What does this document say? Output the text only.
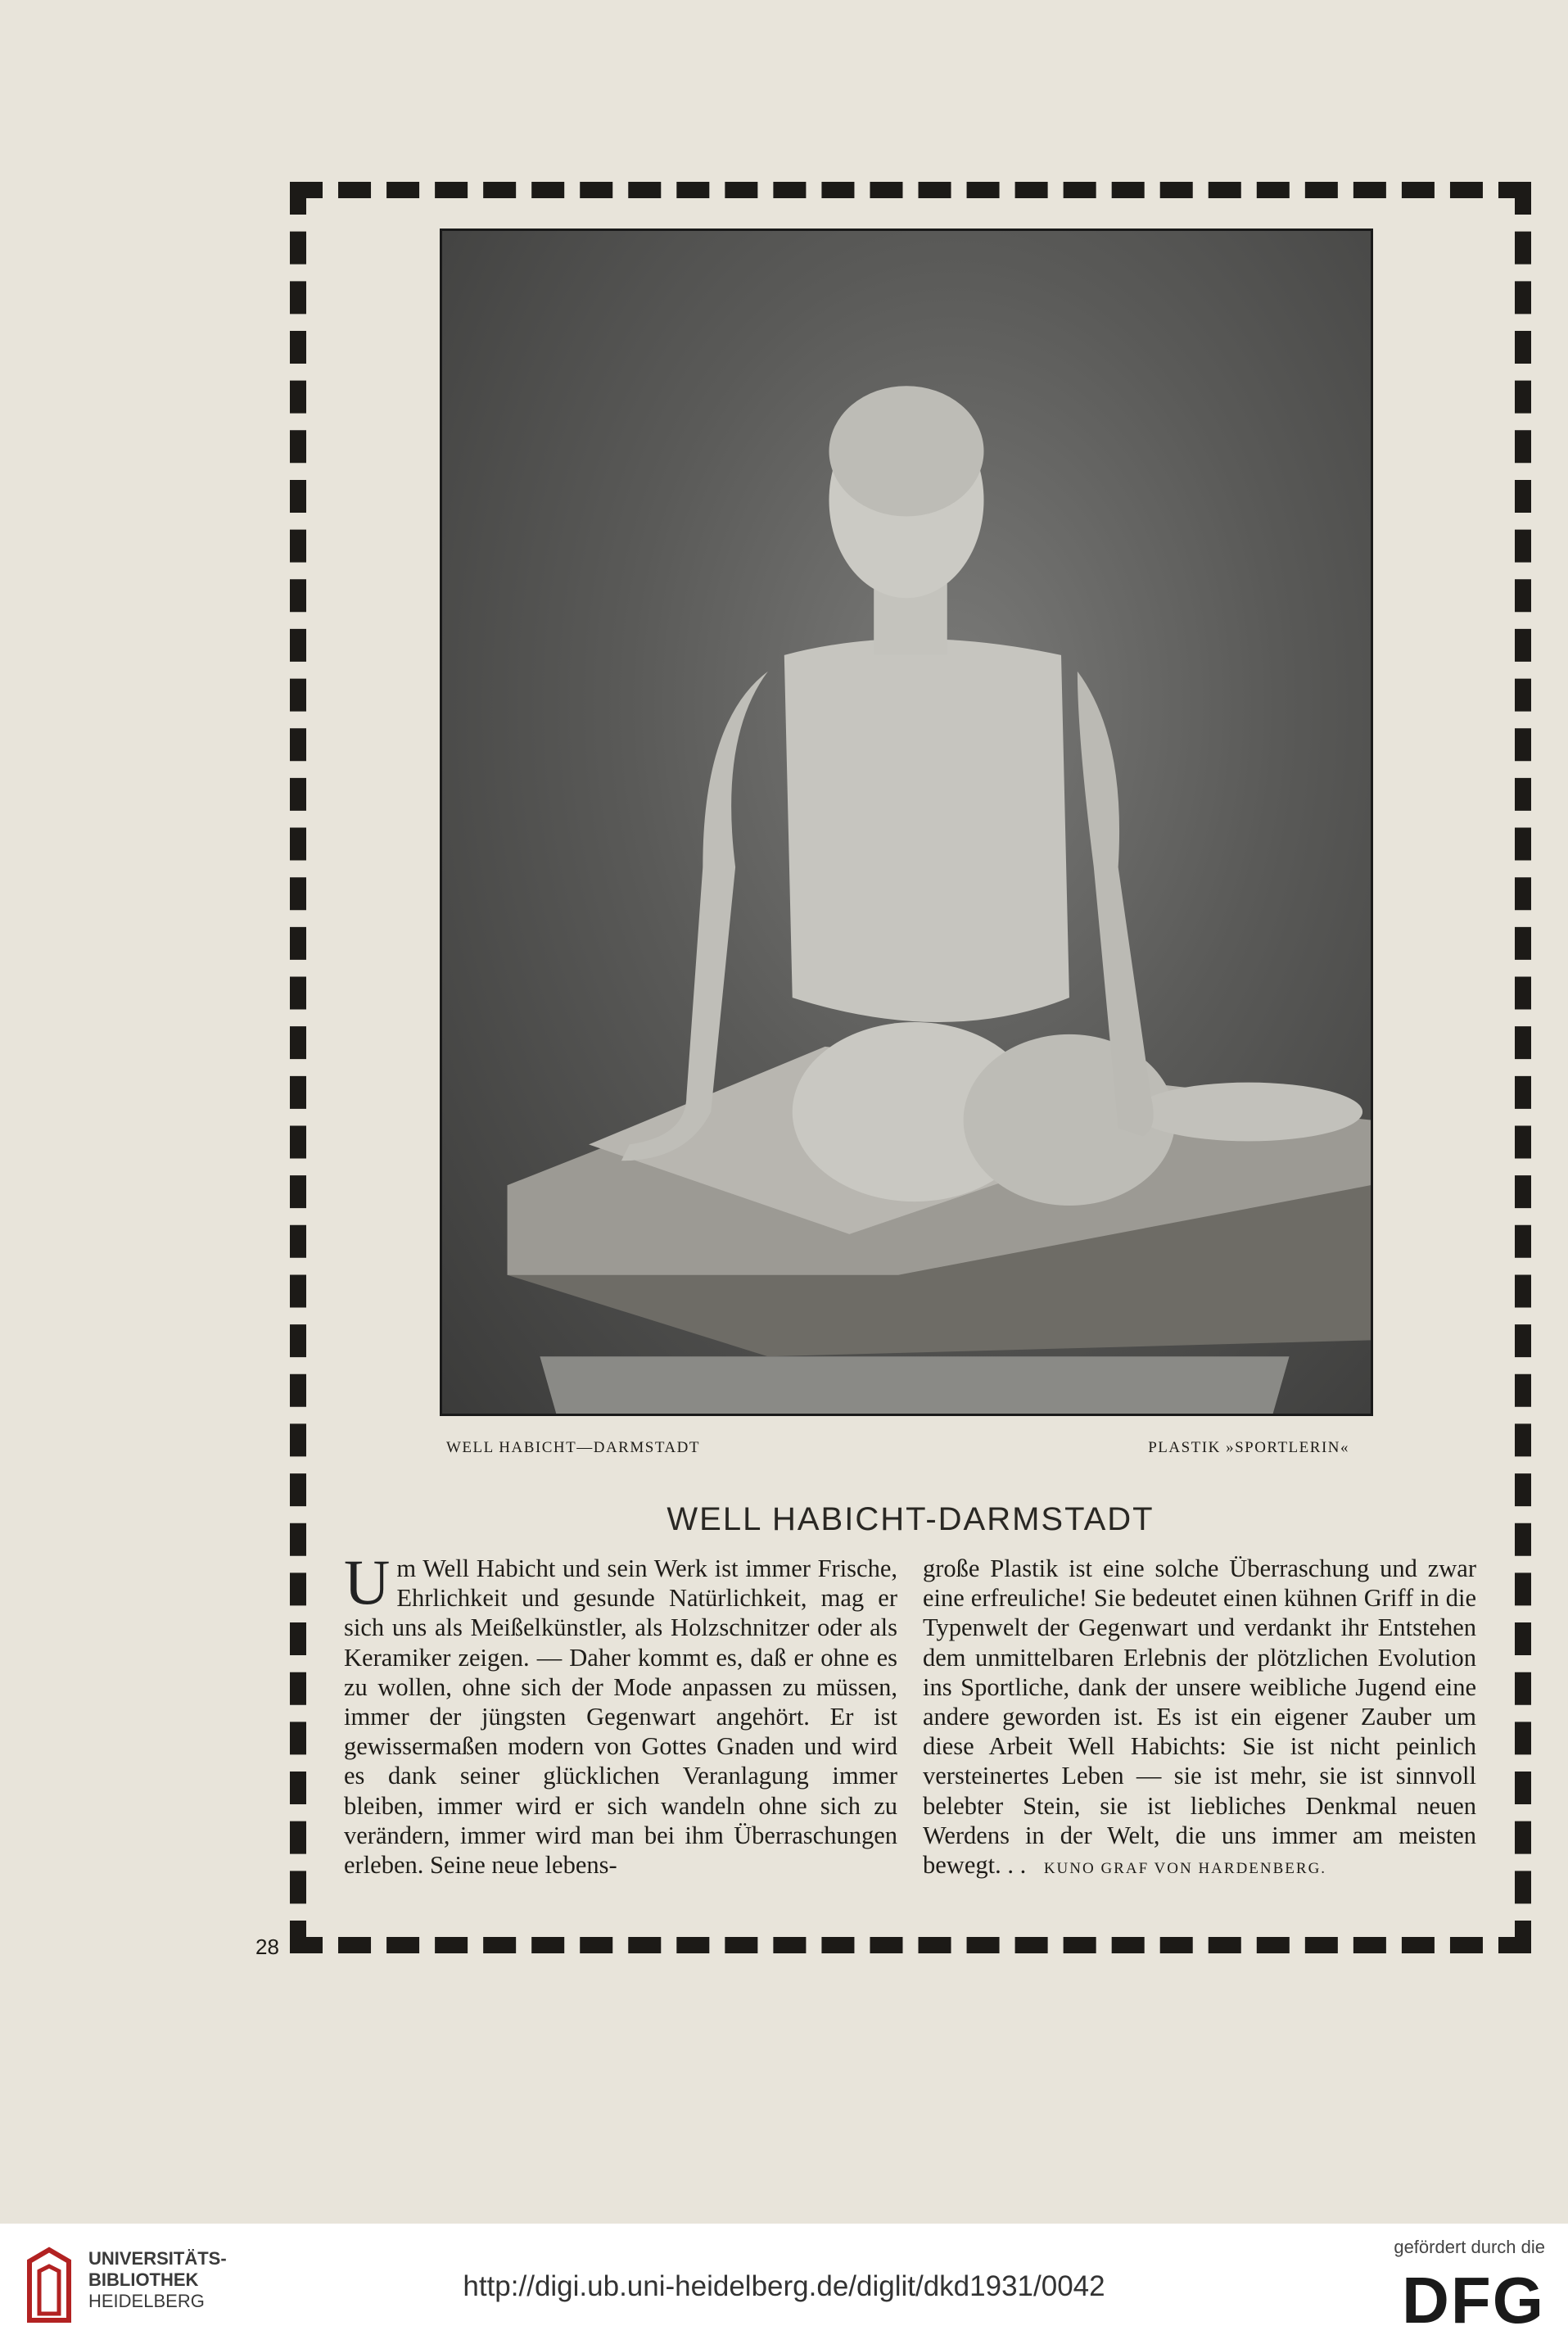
WELL HABICHT—DARMSTADT	PLASTIK »SPORTLERIN«
WELL HABICHT-DARMSTADT
U m Well Habicht und sein Werk ist immer Frische, Ehrlichkeit und gesunde Natürlichkeit, mag er sich uns als Meißelkünstler, als Holzschnitzer oder als Keramiker zeigen. — Daher kommt es, daß er ohne es zu wollen, ohne sich der Mode anpassen zu müssen, immer der jüngsten Gegenwart angehört. Er ist gewissermaßen modern von Gottes Gnaden und wird es dank seiner glücklichen Veranlagung immer bleiben, immer wird er sich wandeln ohne sich zu verändern, immer wird man bei ihm Überraschungen erleben. Seine neue lebens-
große Plastik ist eine solche Überraschung und zwar eine erfreuliche! Sie bedeutet einen kühnen Griff in die Typenwelt der Gegenwart und verdankt ihr Entstehen dem unmittelbaren Erlebnis der plötzlichen Evolution ins Sportliche, dank der unsere weibliche Jugend eine andere geworden ist. Es ist ein eigener Zauber um diese Arbeit Well Habichts: Sie ist nicht peinlich versteinertes Leben — sie ist mehr, sie ist sinnvoll belebter Stein, sie ist liebliches Denkmal neuen Werdens in der Welt, die uns immer am meisten bewegt. . . KUNO GRAF VON HARDENBERG.
28
UNIVERSITÄTS-
BIBLIOTHEK
HEIDELBERG	http://digi.ub.uni-heidelberg.de/diglit/dkd1931/0042
gefördert durch die
DFG
